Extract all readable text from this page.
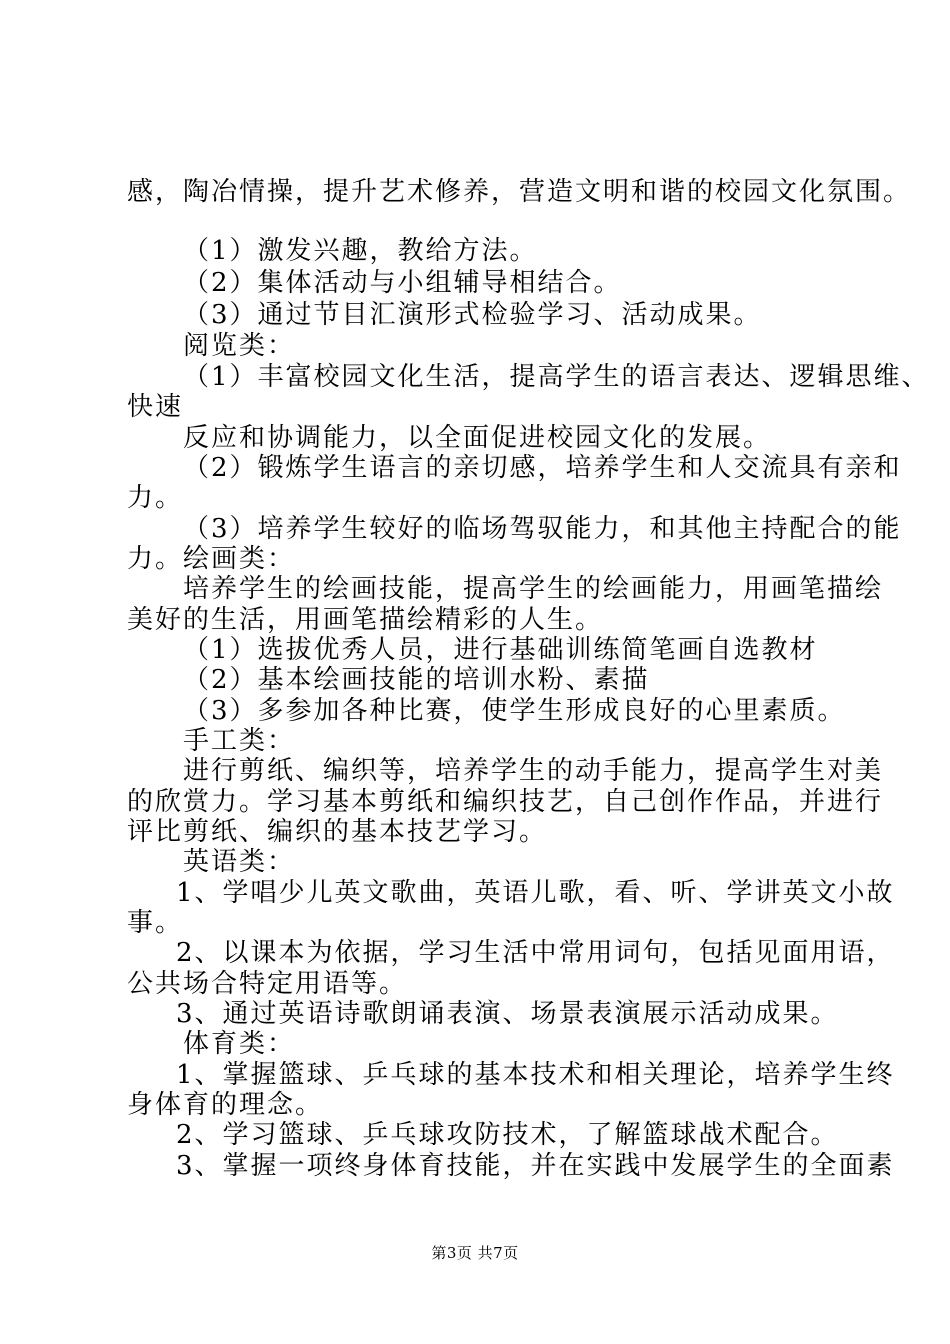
感，陶冶情操，提升艺术修养，营造文明和谐的校园文化氛围。
（1）激发兴趣，教给方法。
（2）集体活动与小组辅导相结合。
（3）通过节目汇演形式检验学习、活动成果。
阅览类：
（1）丰富校园文化生活，提高学生的语言表达、逻辑思维、
快速
反应和协调能力，以全面促进校园文化的发展。
（2）锻炼学生语言的亲切感，培养学生和人交流具有亲和
力。
（3）培养学生较好的临场驾驭能力，和其他主持配合的能
力。绘画类：
培养学生的绘画技能，提高学生的绘画能力，用画笔描绘
美好的生活，用画笔描绘精彩的人生。
（1）选拔优秀人员，进行基础训练简笔画自选教材
（2）基本绘画技能的培训水粉、素描
（3）多参加各种比赛，使学生形成良好的心里素质。
手工类：
进行剪纸、编织等，培养学生的动手能力，提高学生对美
的欣赏力。学习基本剪纸和编织技艺，自己创作作品，并进行
评比剪纸、编织的基本技艺学习。
英语类：
1、学唱少儿英文歌曲，英语儿歌，看、听、学讲英文小故
事。
2、以课本为依据，学习生活中常用词句，包括见面用语，
公共场合特定用语等。
3、通过英语诗歌朗诵表演、场景表演展示活动成果。
体育类：
1、掌握篮球、乒乓球的基本技术和相关理论，培养学生终
身体育的理念。
2、学习篮球、乒乓球攻防技术，了解篮球战术配合。
3、掌握一项终身体育技能，并在实践中发展学生的全面素
第3页 共7页
